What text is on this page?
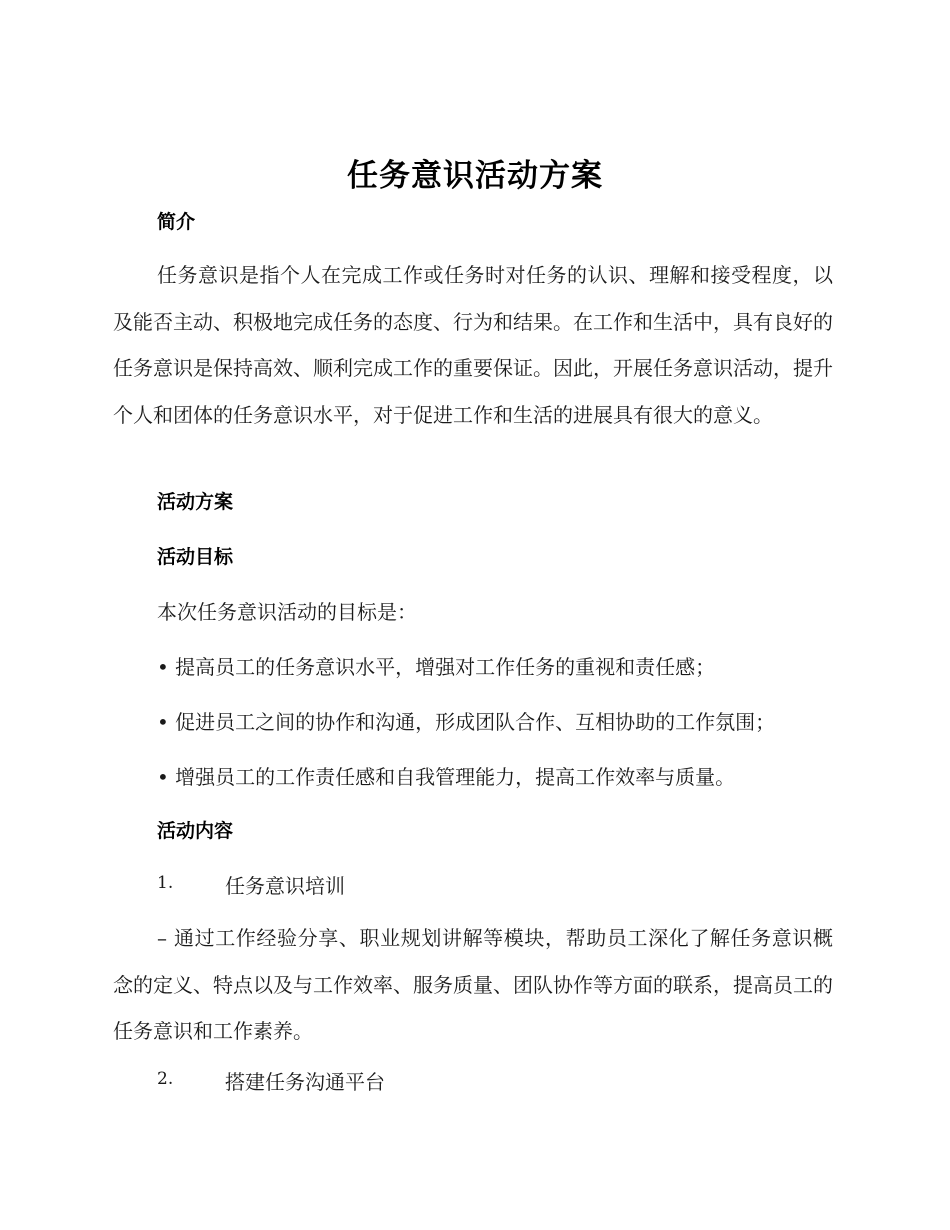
任务意识活动方案
简介

任务意识是指个人在完成工作或任务时对任务的认识、理解和接受程度，以及能否主动、积极地完成任务的态度、行为和结果。在工作和生活中，具有良好的任务意识是保持高效、顺利完成工作的重要保证。因此，开展任务意识活动，提升个人和团体的任务意识水平，对于促进工作和生活的进展具有很大的意义。

活动方案
活动目标
本次任务意识活动的目标是：
• 提高员工的任务意识水平，增强对工作任务的重视和责任感；
• 促进员工之间的协作和沟通，形成团队合作、互相协助的工作氛围；
• 增强员工的工作责任感和自我管理能力，提高工作效率与质量。
活动内容
1.	任务意识培训

– 通过工作经验分享、职业规划讲解等模块，帮助员工深化了解任务意识概念的定义、特点以及与工作效率、服务质量、团队协作等方面的联系，提高员工的任务意识和工作素养。

2.	搭建任务沟通平台
